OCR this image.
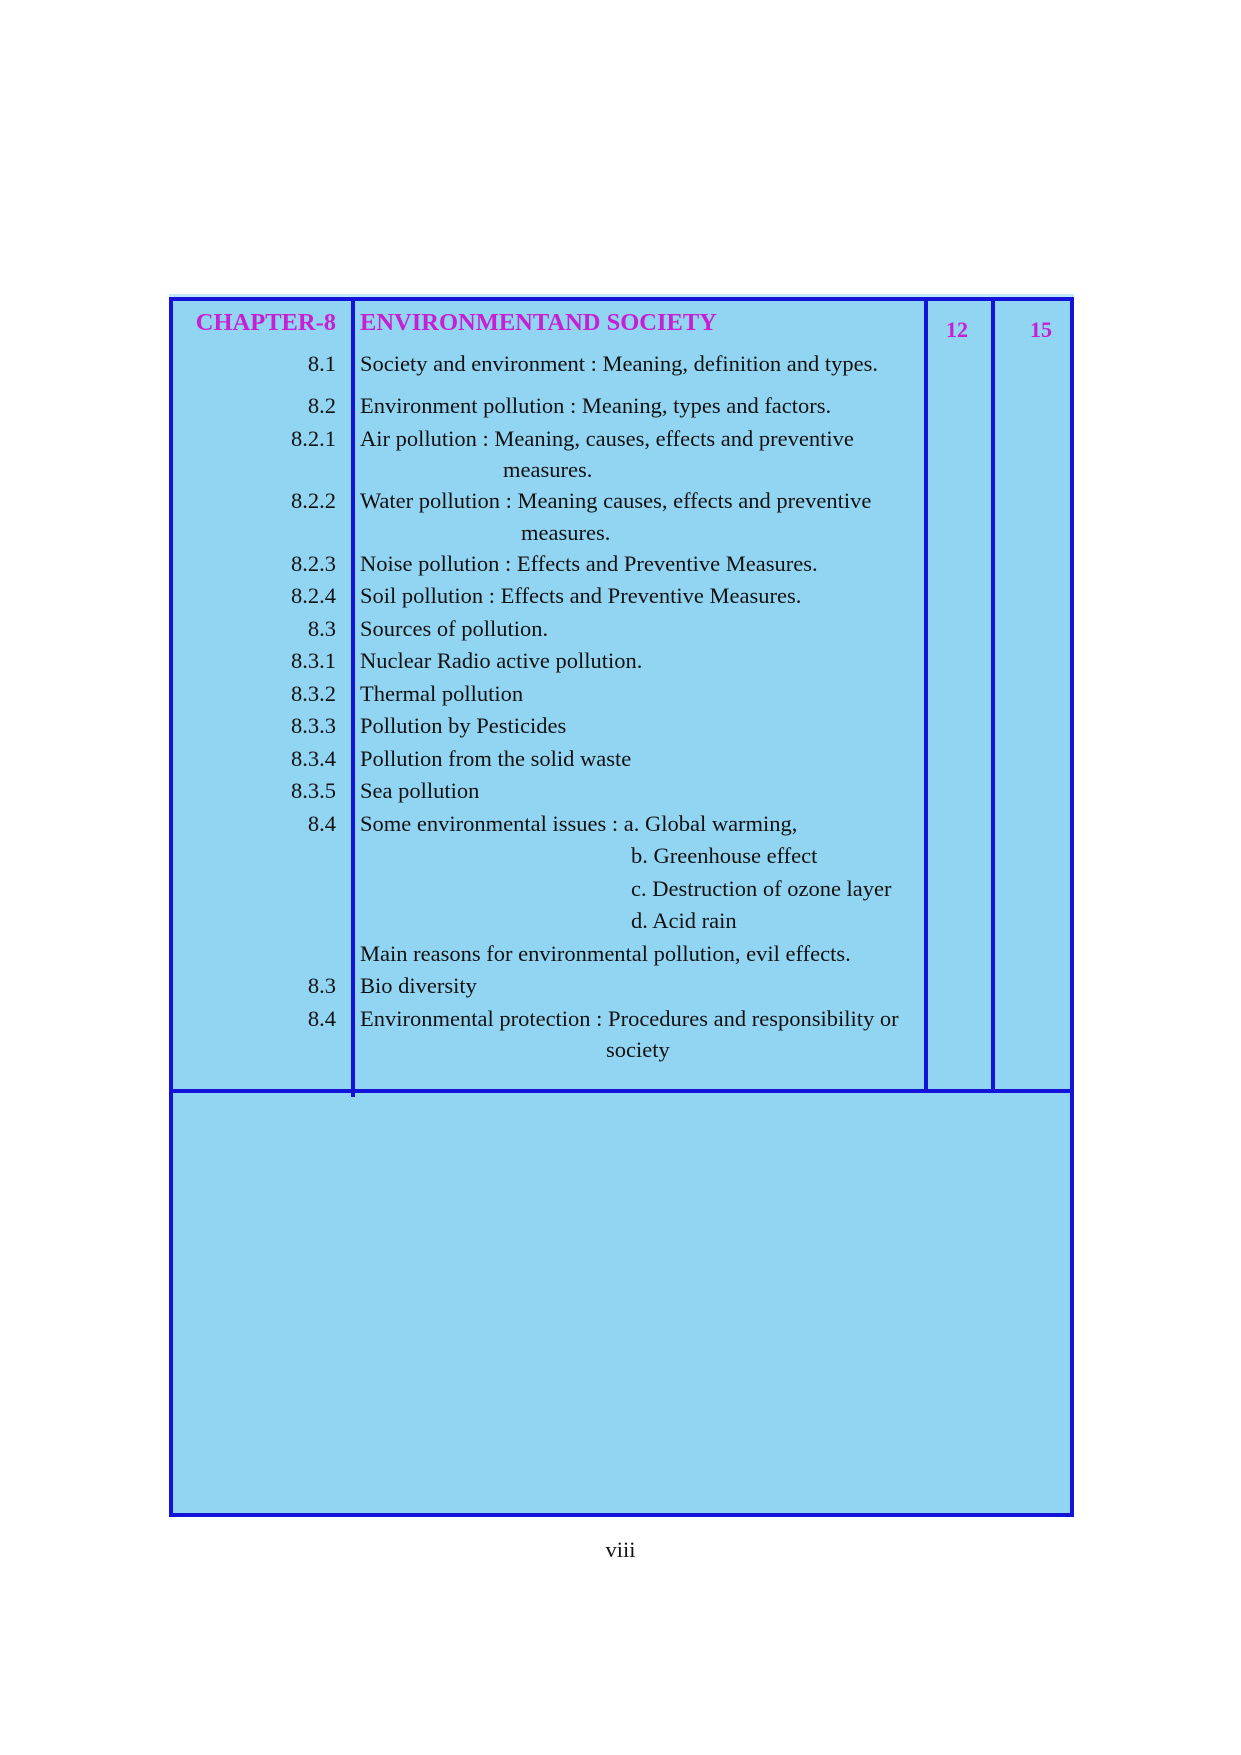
CHAPTER-8 ENVIRONMENTAND SOCIETY	12	15
8.1 Society and environment : Meaning, definition and types.
8.2 Environment pollution : Meaning, types and factors.
8.2.1 Air pollution : Meaning, causes, effects and preventive
measures.
8.2.2 Water pollution : Meaning causes, effects and preventive
measures.
8.2.3 Noise pollution : Effects and Preventive Measures.
8.2.4 Soil pollution : Effects and Preventive Measures.
8.3 Sources of pollution.
8.3.1 Nuclear Radio active pollution.
8.3.2 Thermal pollution
8.3.3 Pollution by Pesticides
8.3.4 Pollution from the solid waste
8.3.5 Sea pollution
8.4 Some environmental issues : a. Global warming,
b. Greenhouse effect
c. Destruction of ozone layer
d. Acid rain
Main reasons for environmental pollution, evil effects.
8.3 Bio diversity
8.4 Environmental protection : Procedures and responsibility or
society
viii
